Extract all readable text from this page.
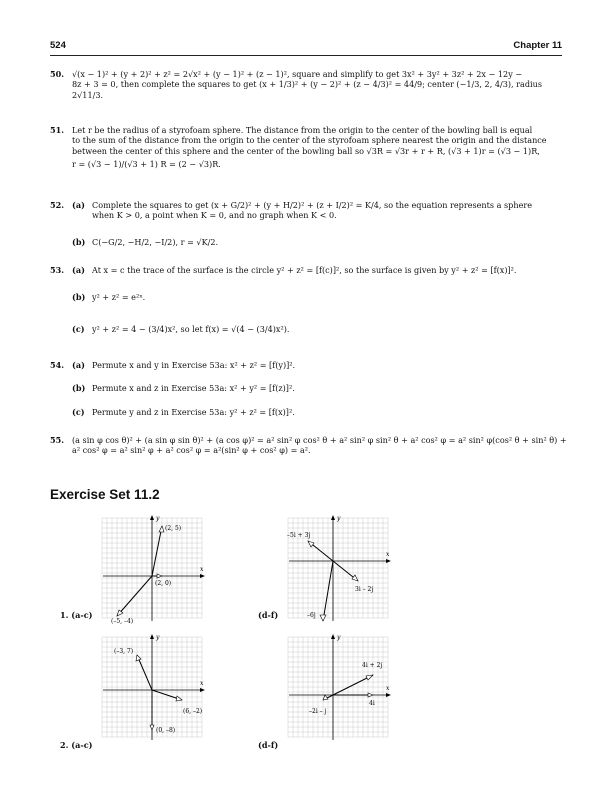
524	Chapter 11
50. √(x − 1)² + (y + 2)² + z² = 2√x² + (y − 1)² + (z − 1)², square and simplify to get 3x² + 3y² + 3z² + 2x − 12y −
8z + 3 = 0, then complete the squares to get (x + 1/3)² + (y − 2)² + (z − 4/3)² = 44/9; center (−1/3, 2, 4/3), radius
2√11/3.
51. Let r be the radius of a styrofoam sphere. The distance from the origin to the center of the bowling ball is equal
to the sum of the distance from the origin to the center of the styrofoam sphere nearest the origin and the distance
between the center of this sphere and the center of the bowling ball so √3R = √3r + r + R, (√3 + 1)r = (√3 − 1)R,
r = (√3 − 1)/(√3 + 1) R = (2 − √3)R.
52. (a) Complete the squares to get (x + G/2)² + (y + H/2)² + (z + I/2)² = K/4, so the equation represents a sphere
when K > 0, a point when K = 0, and no graph when K < 0.
(b) C(−G/2, −H/2, −I/2), r = √K/2.
53. (a) At x = c the trace of the surface is the circle y² + z² = [f(c)]², so the surface is given by y² + z² = [f(x)]².
(b) y² + z² = e²ˣ.
(c) y² + z² = 4 − (3/4)x², so let f(x) = √(4 − (3/4)x²).
54. (a) Permute x and y in Exercise 53a: x² + z² = [f(y)]².
(b) Permute x and z in Exercise 53a: x² + y² = [f(z)]².
(c) Permute y and z in Exercise 53a: y² + z² = [f(x)]².
55. (a sin φ cos θ)² + (a sin φ sin θ)² + (a cos φ)² = a² sin² φ cos² θ + a² sin² φ sin² θ + a² cos² φ = a² sin² φ(cos² θ + sin² θ) +
a² cos² φ = a² sin² φ + a² cos² φ = a²(sin² φ + cos² φ) = a².
Exercise Set 11.2
1. (a-c)	(d-f)
2. (a-c)	(d-f)
x
y
(2, 5)
(2, 0)
(–5, –4)
x
y
–5i + 3j
3i – 2j
–6j
x
y
(–3, 7)
(6, –2)
(0, –8)
x
y
4i + 2j
4i
–2i – j
